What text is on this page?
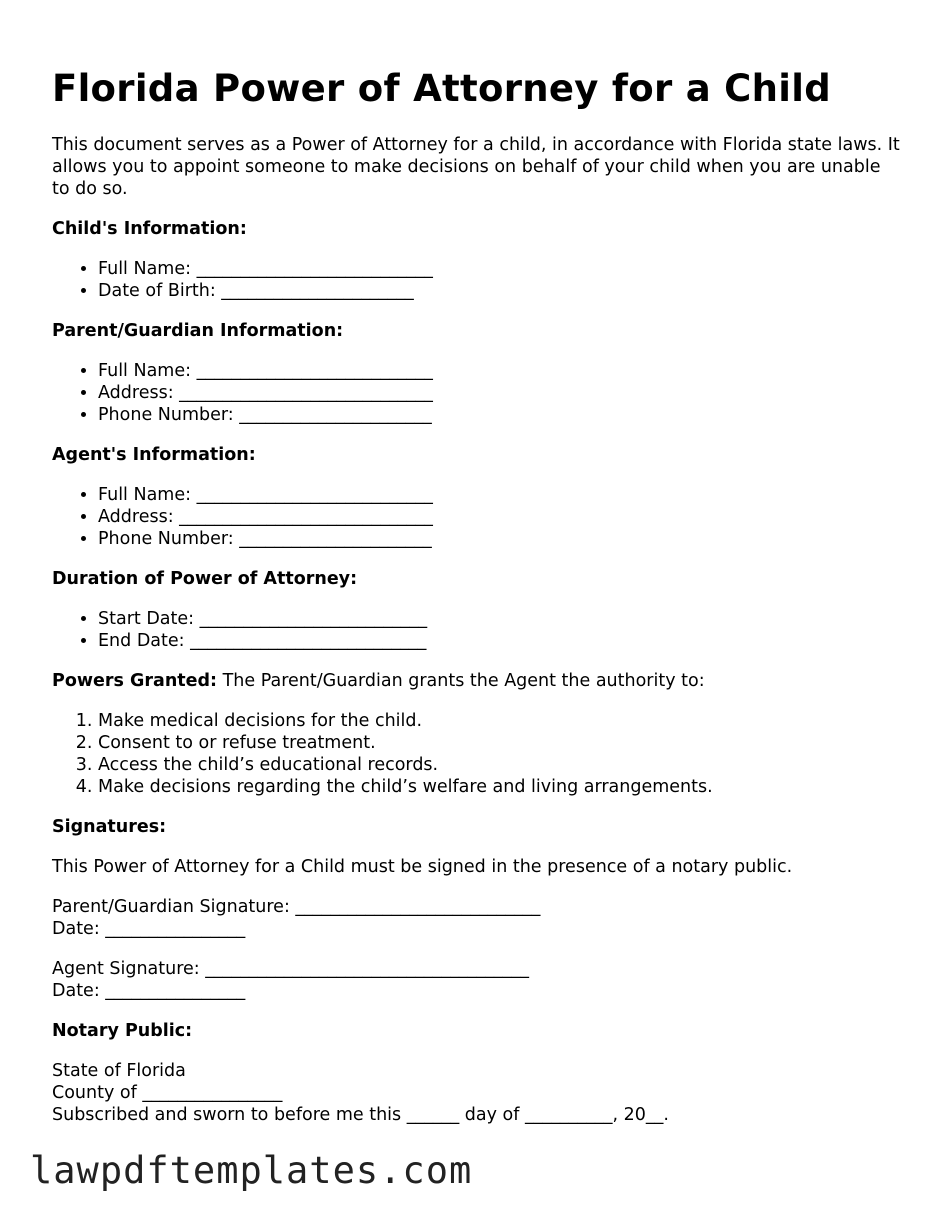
Florida Power of Attorney for a Child
This document serves as a Power of Attorney for a child, in accordance with Florida state laws. It allows you to appoint someone to make decisions on behalf of your child when you are unable to do so.
Child's Information:
• Full Name: ___________________________
• Date of Birth: ______________________
Parent/Guardian Information:
• Full Name: ___________________________
• Address: _____________________________
• Phone Number: ______________________
Agent's Information:
• Full Name: ___________________________
• Address: _____________________________
• Phone Number: ______________________
Duration of Power of Attorney:
• Start Date: __________________________
• End Date: ___________________________
Powers Granted: The Parent/Guardian grants the Agent the authority to:
1. Make medical decisions for the child.
2. Consent to or refuse treatment.
3. Access the child’s educational records.
4. Make decisions regarding the child’s welfare and living arrangements.
Signatures:

This Power of Attorney for a Child must be signed in the presence of a notary public.

Parent/Guardian Signature: ____________________________
Date: ________________

Agent Signature: _____________________________________
Date: ________________

Notary Public:

State of Florida
County of ________________
Subscribed and sworn to before me this ______ day of __________, 20__.

lawpdftemplates.com
